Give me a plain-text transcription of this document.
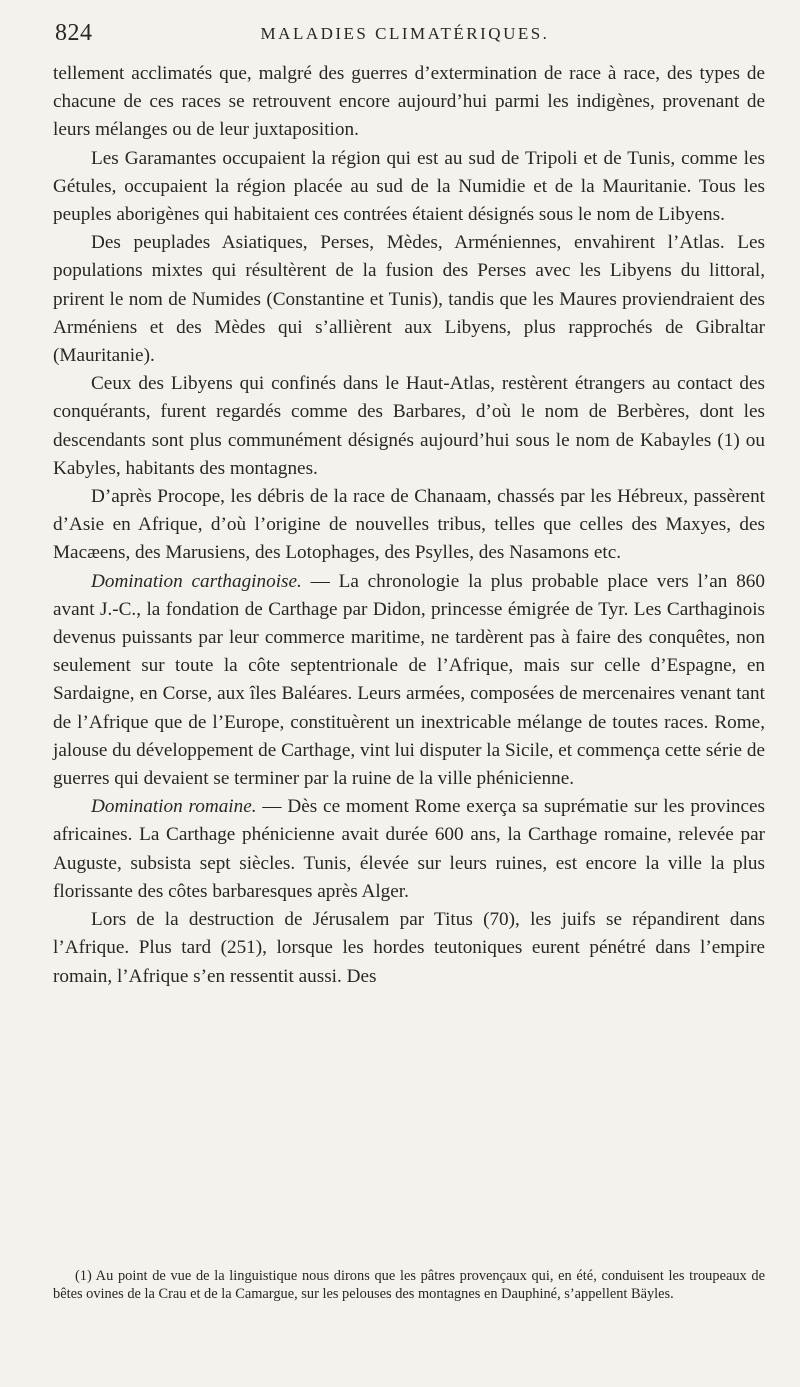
824	MALADIES CLIMATÉRIQUES.

tellement acclimatés que, malgré des guerres d’extermination de race à race, des types de chacune de ces races se retrouvent encore aujourd’hui parmi les indigènes, provenant de leurs mélanges ou de leur juxtaposition.

Les Garamantes occupaient la région qui est au sud de Tripoli et de Tunis, comme les Gétules, occupaient la région placée au sud de la Numidie et de la Mauritanie. Tous les peuples aborigènes qui habitaient ces contrées étaient désignés sous le nom de Libyens.

Des peuplades Asiatiques, Perses, Mèdes, Arméniennes, envahirent l’Atlas. Les populations mixtes qui résultèrent de la fusion des Perses avec les Libyens du littoral, prirent le nom de Numides (Constantine et Tunis), tandis que les Maures proviendraient des Arméniens et des Mèdes qui s’allièrent aux Libyens, plus rapprochés de Gibraltar (Mauritanie).

Ceux des Libyens qui confinés dans le Haut-Atlas, restèrent étrangers au contact des conquérants, furent regardés comme des Barbares, d’où le nom de Berbères, dont les descendants sont plus communément désignés aujourd’hui sous le nom de Kabayles (1) ou Kabyles, habitants des montagnes.

D’après Procope, les débris de la race de Chanaam, chassés par les Hébreux, passèrent d’Asie en Afrique, d’où l’origine de nouvelles tribus, telles que celles des Maxyes, des Macæens, des Marusiens, des Lotophages, des Psylles, des Nasamons etc.

Domination carthaginoise. — La chronologie la plus probable place vers l’an 860 avant J.-C., la fondation de Carthage par Didon, princesse émigrée de Tyr. Les Carthaginois devenus puissants par leur commerce maritime, ne tardèrent pas à faire des conquêtes, non seulement sur toute la côte septentrionale de l’Afrique, mais sur celle d’Espagne, en Sardaigne, en Corse, aux îles Baléares. Leurs armées, composées de mercenaires venant tant de l’Afrique que de l’Europe, constituèrent un inextricable mélange de toutes races. Rome, jalouse du développement de Carthage, vint lui disputer la Sicile, et commença cette série de guerres qui devaient se terminer par la ruine de la ville phénicienne.

Domination romaine. — Dès ce moment Rome exerça sa suprématie sur les provinces africaines. La Carthage phénicienne avait durée 600 ans, la Carthage romaine, relevée par Auguste, subsista sept siècles. Tunis, élevée sur leurs ruines, est encore la ville la plus florissante des côtes barbaresques après Alger.

Lors de la destruction de Jérusalem par Titus (70), les juifs se répandirent dans l’Afrique. Plus tard (251), lorsque les hordes teutoniques eurent pénétré dans l’empire romain, l’Afrique s’en ressentit aussi. Des

(1) Au point de vue de la linguistique nous dirons que les pâtres provençaux qui, en été, conduisent les troupeaux de bêtes ovines de la Crau et de la Camargue, sur les pelouses des montagnes en Dauphiné, s’appellent Bäyles.
